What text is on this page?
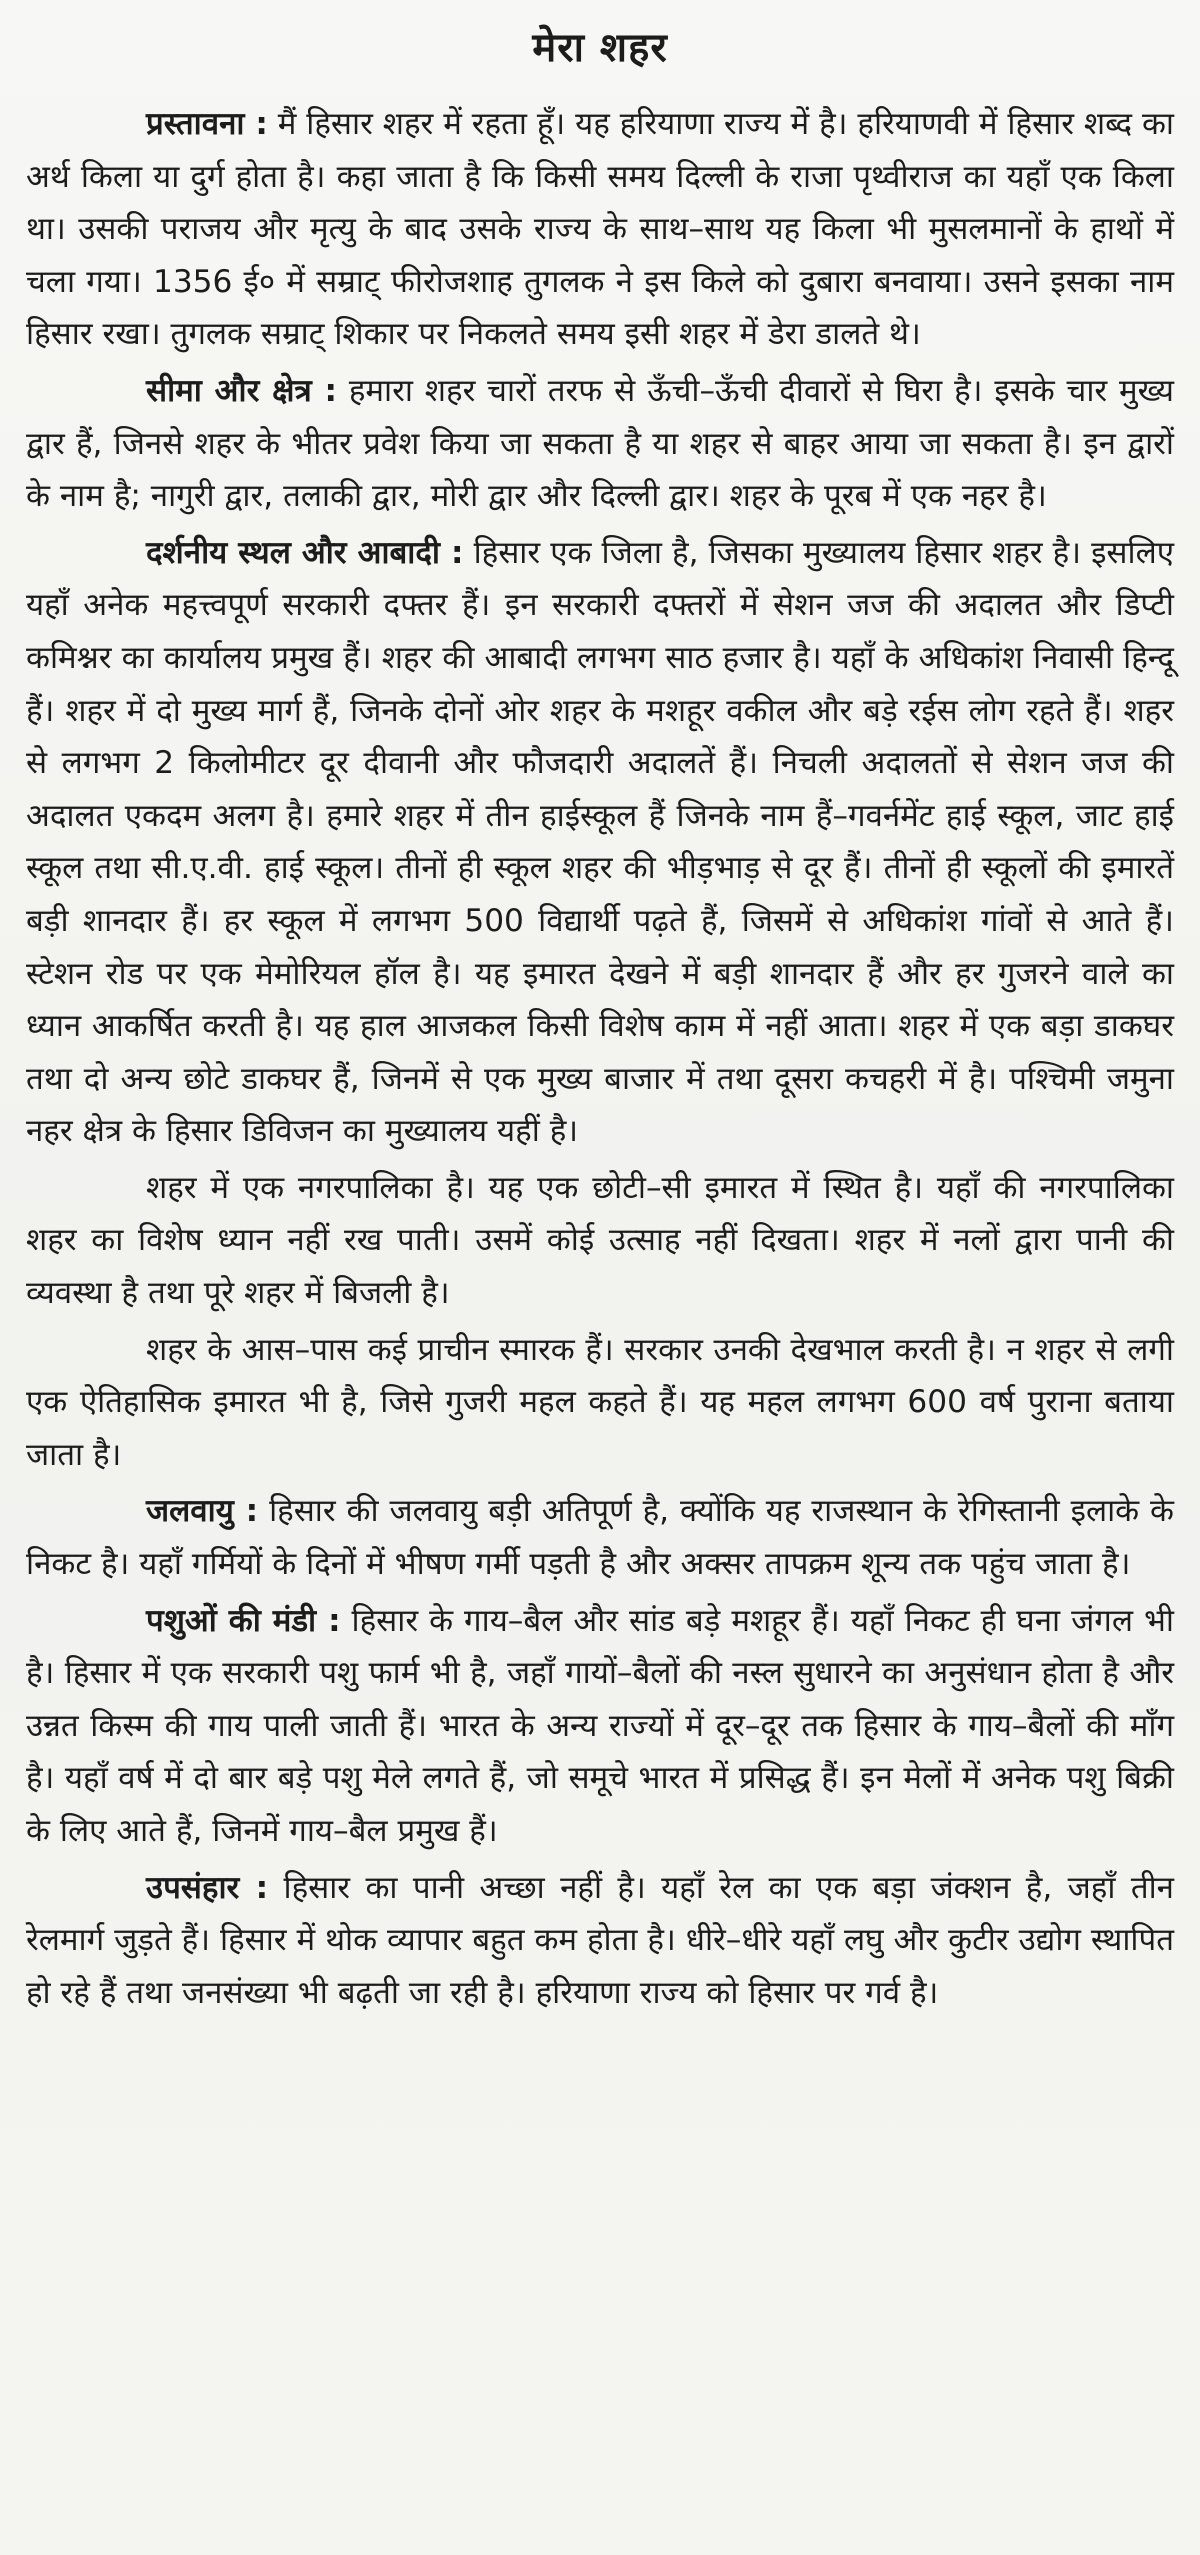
मेरा शहर

प्रस्तावना : मैं हिसार शहर में रहता हूँ। यह हरियाणा राज्य में है। हरियाणवी में हिसार शब्द का अर्थ किला या दुर्ग होता है। कहा जाता है कि किसी समय दिल्ली के राजा पृथ्वीराज का यहाँ एक किला था। उसकी पराजय और मृत्यु के बाद उसके राज्य के साथ–साथ यह किला भी मुसलमानों के हाथों में चला गया। 1356 ई० में सम्राट् फीरोजशाह तुगलक ने इस किले को दुबारा बनवाया। उसने इसका नाम हिसार रखा। तुगलक सम्राट् शिकार पर निकलते समय इसी शहर में डेरा डालते थे।

सीमा और क्षेत्र : हमारा शहर चारों तरफ से ऊँची–ऊँची दीवारों से घिरा है। इसके चार मुख्य द्वार हैं, जिनसे शहर के भीतर प्रवेश किया जा सकता है या शहर से बाहर आया जा सकता है। इन द्वारों के नाम है; नागुरी द्वार, तलाकी द्वार, मोरी द्वार और दिल्ली द्वार। शहर के पूरब में एक नहर है।

दर्शनीय स्थल और आबादी : हिसार एक जिला है, जिसका मुख्यालय हिसार शहर है। इसलिए यहाँ अनेक महत्त्वपूर्ण सरकारी दफ्तर हैं। इन सरकारी दफ्तरों में सेशन जज की अदालत और डिप्टी कमिश्नर का कार्यालय प्रमुख हैं। शहर की आबादी लगभग साठ हजार है। यहाँ के अधिकांश निवासी हिन्दू हैं। शहर में दो मुख्य मार्ग हैं, जिनके दोनों ओर शहर के मशहूर वकील और बड़े रईस लोग रहते हैं। शहर से लगभग 2 किलोमीटर दूर दीवानी और फौजदारी अदालतें हैं। निचली अदालतों से सेशन जज की अदालत एकदम अलग है। हमारे शहर में तीन हाईस्कूल हैं जिनके नाम हैं–गवर्नमेंट हाई स्कूल, जाट हाई स्कूल तथा सी.ए.वी. हाई स्कूल। तीनों ही स्कूल शहर की भीड़भाड़ से दूर हैं। तीनों ही स्कूलों की इमारतें बड़ी शानदार हैं। हर स्कूल में लगभग 500 विद्यार्थी पढ़ते हैं, जिसमें से अधिकांश गांवों से आते हैं। स्टेशन रोड पर एक मेमोरियल हॉल है। यह इमारत देखने में बड़ी शानदार हैं और हर गुजरने वाले का ध्यान आकर्षित करती है। यह हाल आजकल किसी विशेष काम में नहीं आता। शहर में एक बड़ा डाकघर तथा दो अन्य छोटे डाकघर हैं, जिनमें से एक मुख्य बाजार में तथा दूसरा कचहरी में है। पश्चिमी जमुना नहर क्षेत्र के हिसार डिविजन का मुख्यालय यहीं है।

शहर में एक नगरपालिका है। यह एक छोटी–सी इमारत में स्थित है। यहाँ की नगरपालिका शहर का विशेष ध्यान नहीं रख पाती। उसमें कोई उत्साह नहीं दिखता। शहर में नलों द्वारा पानी की व्यवस्था है तथा पूरे शहर में बिजली है।

शहर के आस–पास कई प्राचीन स्मारक हैं। सरकार उनकी देखभाल करती है। न शहर से लगी एक ऐतिहासिक इमारत भी है, जिसे गुजरी महल कहते हैं। यह महल लगभग 600 वर्ष पुराना बताया जाता है।

जलवायु : हिसार की जलवायु बड़ी अतिपूर्ण है, क्योंकि यह राजस्थान के रेगिस्तानी इलाके के निकट है। यहाँ गर्मियों के दिनों में भीषण गर्मी पड़ती है और अक्सर तापक्रम शून्य तक पहुंच जाता है।

पशुओं की मंडी : हिसार के गाय–बैल और सांड बड़े मशहूर हैं। यहाँ निकट ही घना जंगल भी है। हिसार में एक सरकारी पशु फार्म भी है, जहाँ गायों–बैलों की नस्ल सुधारने का अनुसंधान होता है और उन्नत किस्म की गाय पाली जाती हैं। भारत के अन्य राज्यों में दूर–दूर तक हिसार के गाय–बैलों की माँग है। यहाँ वर्ष में दो बार बड़े पशु मेले लगते हैं, जो समूचे भारत में प्रसिद्ध हैं। इन मेलों में अनेक पशु बिक्री के लिए आते हैं, जिनमें गाय–बैल प्रमुख हैं।

उपसंहार : हिसार का पानी अच्छा नहीं है। यहाँ रेल का एक बड़ा जंक्शन है, जहाँ तीन रेलमार्ग जुड़ते हैं। हिसार में थोक व्यापार बहुत कम होता है। धीरे–धीरे यहाँ लघु और कुटीर उद्योग स्थापित हो रहे हैं तथा जनसंख्या भी बढ़ती जा रही है। हरियाणा राज्य को हिसार पर गर्व है।
